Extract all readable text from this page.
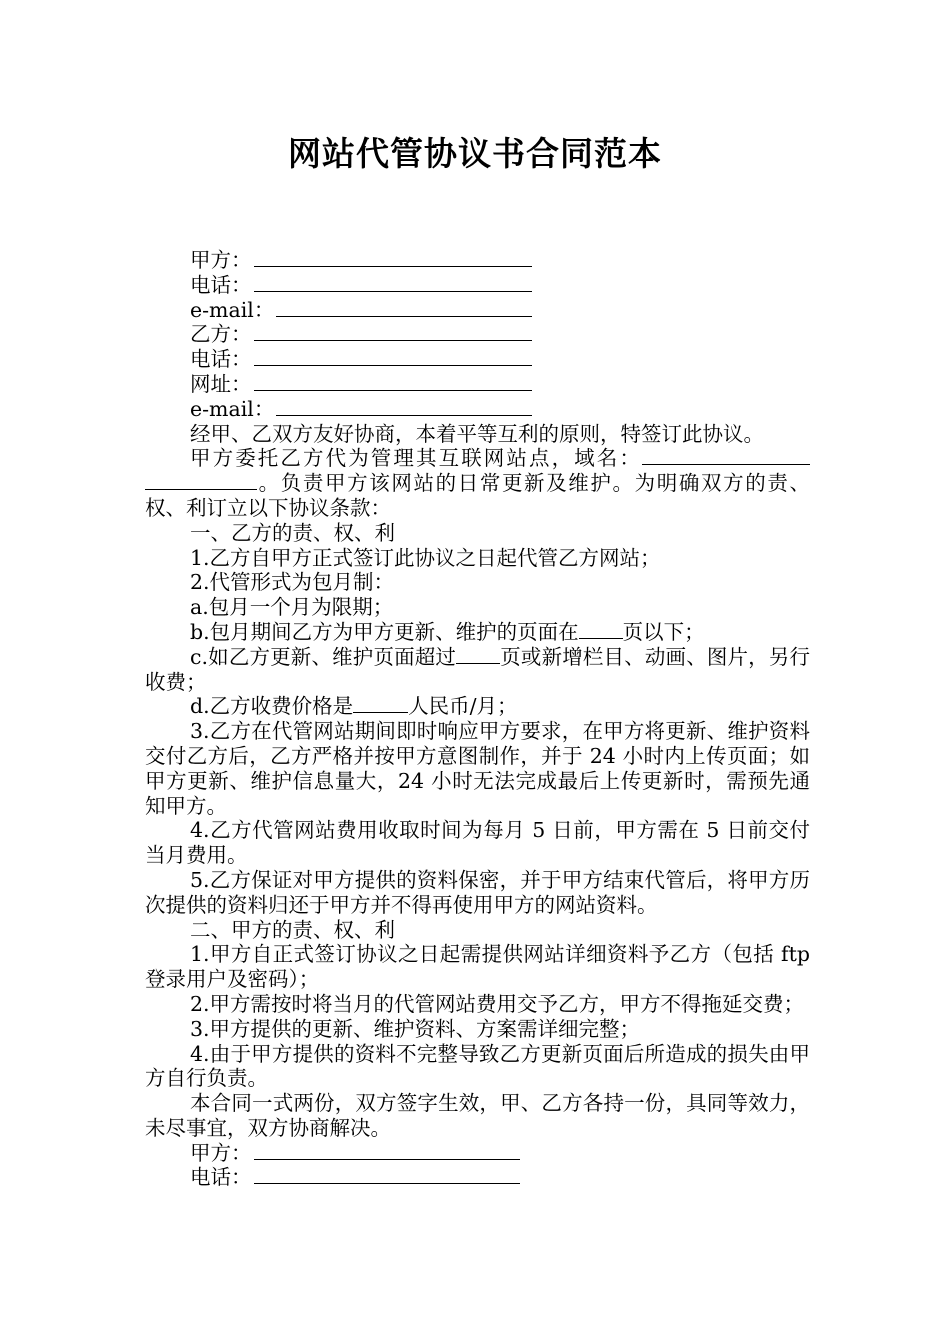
网站代管协议书合同范本
甲方：
电话：
e-mail：
乙方：
电话：
网址：
e-mail：

经甲、乙双方友好协商，本着平等互利的原则，特签订此协议。

甲方委托乙方代为管理其互联网站点，域名：。负责甲方该网站的日常更新及维护。为明确双方的责、权、利订立以下协议条款：

一、乙方的责、权、利

1.乙方自甲方正式签订此协议之日起代管乙方网站；

2.代管形式为包月制：

a.包月一个月为限期；

b.包月期间乙方为甲方更新、维护的页面在 页以下；

c.如乙方更新、维护页面超过 页或新增栏目、动画、图片，另行收费；

d.乙方收费价格是	人民币/月；

3.乙方在代管网站期间即时响应甲方要求，在甲方将更新、维护资料交付乙方后，乙方严格并按甲方意图制作，并于 24 小时内上传页面；如甲方更新、维护信息量大，24 小时无法完成最后上传更新时，需预先通知甲方。

4.乙方代管网站费用收取时间为每月 5 日前，甲方需在 5 日前交付当月费用。

5.乙方保证对甲方提供的资料保密，并于甲方结束代管后，将甲方历次提供的资料归还于甲方并不得再使用甲方的网站资料。

二、甲方的责、权、利

1.甲方自正式签订协议之日起需提供网站详细资料予乙方（包括 ftp 登录用户及密码）；

2.甲方需按时将当月的代管网站费用交予乙方，甲方不得拖延交费；

3.甲方提供的更新、维护资料、方案需详细完整；

4.由于甲方提供的资料不完整导致乙方更新页面后所造成的损失由甲方自行负责。

本合同一式两份，双方签字生效，甲、乙方各持一份，具同等效力，未尽事宜，双方协商解决。

甲方：
电话：
